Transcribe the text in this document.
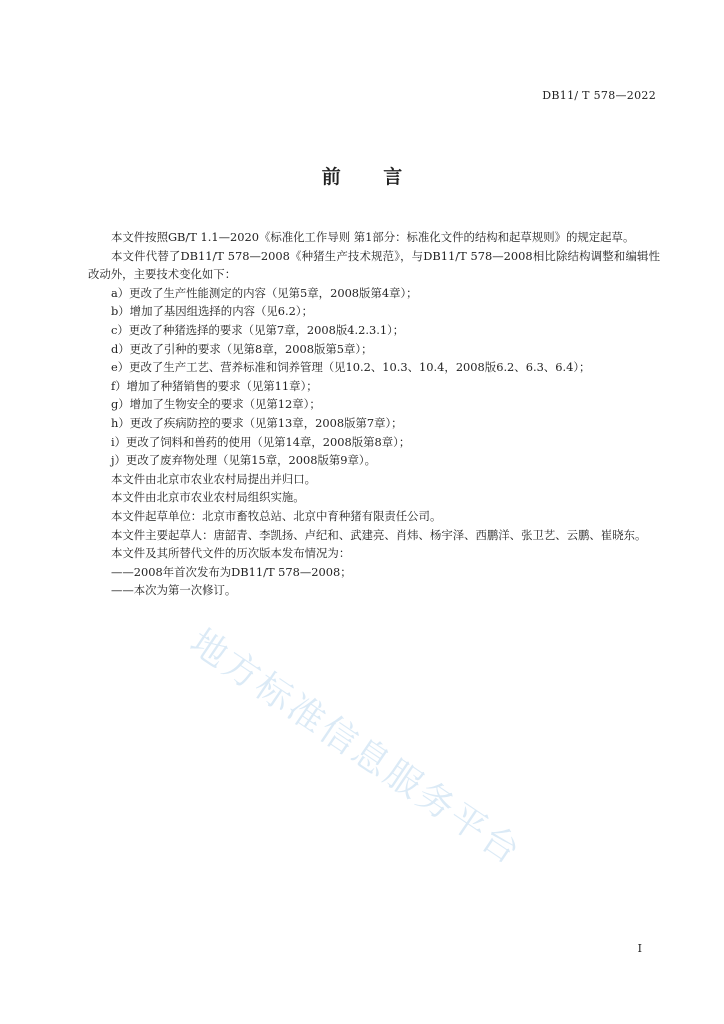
DB11/ T 578—2022
前 言

本文件按照GB/T 1.1—2020《标准化工作导则 第1部分：标准化文件的结构和起草规则》的规定起草。

本文件代替了DB11/T 578—2008《种猪生产技术规范》，与DB11/T 578—2008相比除结构调整和编辑性改动外，主要技术变化如下：

a）更改了生产性能测定的内容（见第5章，2008版第4章）；

b）增加了基因组选择的内容（见6.2）；

c）更改了种猪选择的要求（见第7章，2008版4.2.3.1）；

d）更改了引种的要求（见第8章，2008版第5章）；

e）更改了生产工艺、营养标准和饲养管理（见10.2、10.3、10.4，2008版6.2、6.3、6.4）；

f）增加了种猪销售的要求（见第11章）；

g）增加了生物安全的要求（见第12章）；

h）更改了疾病防控的要求（见第13章，2008版第7章）；

i）更改了饲料和兽药的使用（见第14章，2008版第8章）；

j）更改了废弃物处理（见第15章，2008版第9章）。

本文件由北京市农业农村局提出并归口。

本文件由北京市农业农村局组织实施。

本文件起草单位：北京市畜牧总站、北京中育种猪有限责任公司。

本文件主要起草人：唐韶青、李凯扬、卢纪和、武建亮、肖炜、杨宇泽、西鹏洋、张卫艺、云鹏、崔晓东。

本文件及其所替代文件的历次版本发布情况为：

——2008年首次发布为DB11/T 578—2008；

——本次为第一次修订。

地方标准信息服务平台
I
